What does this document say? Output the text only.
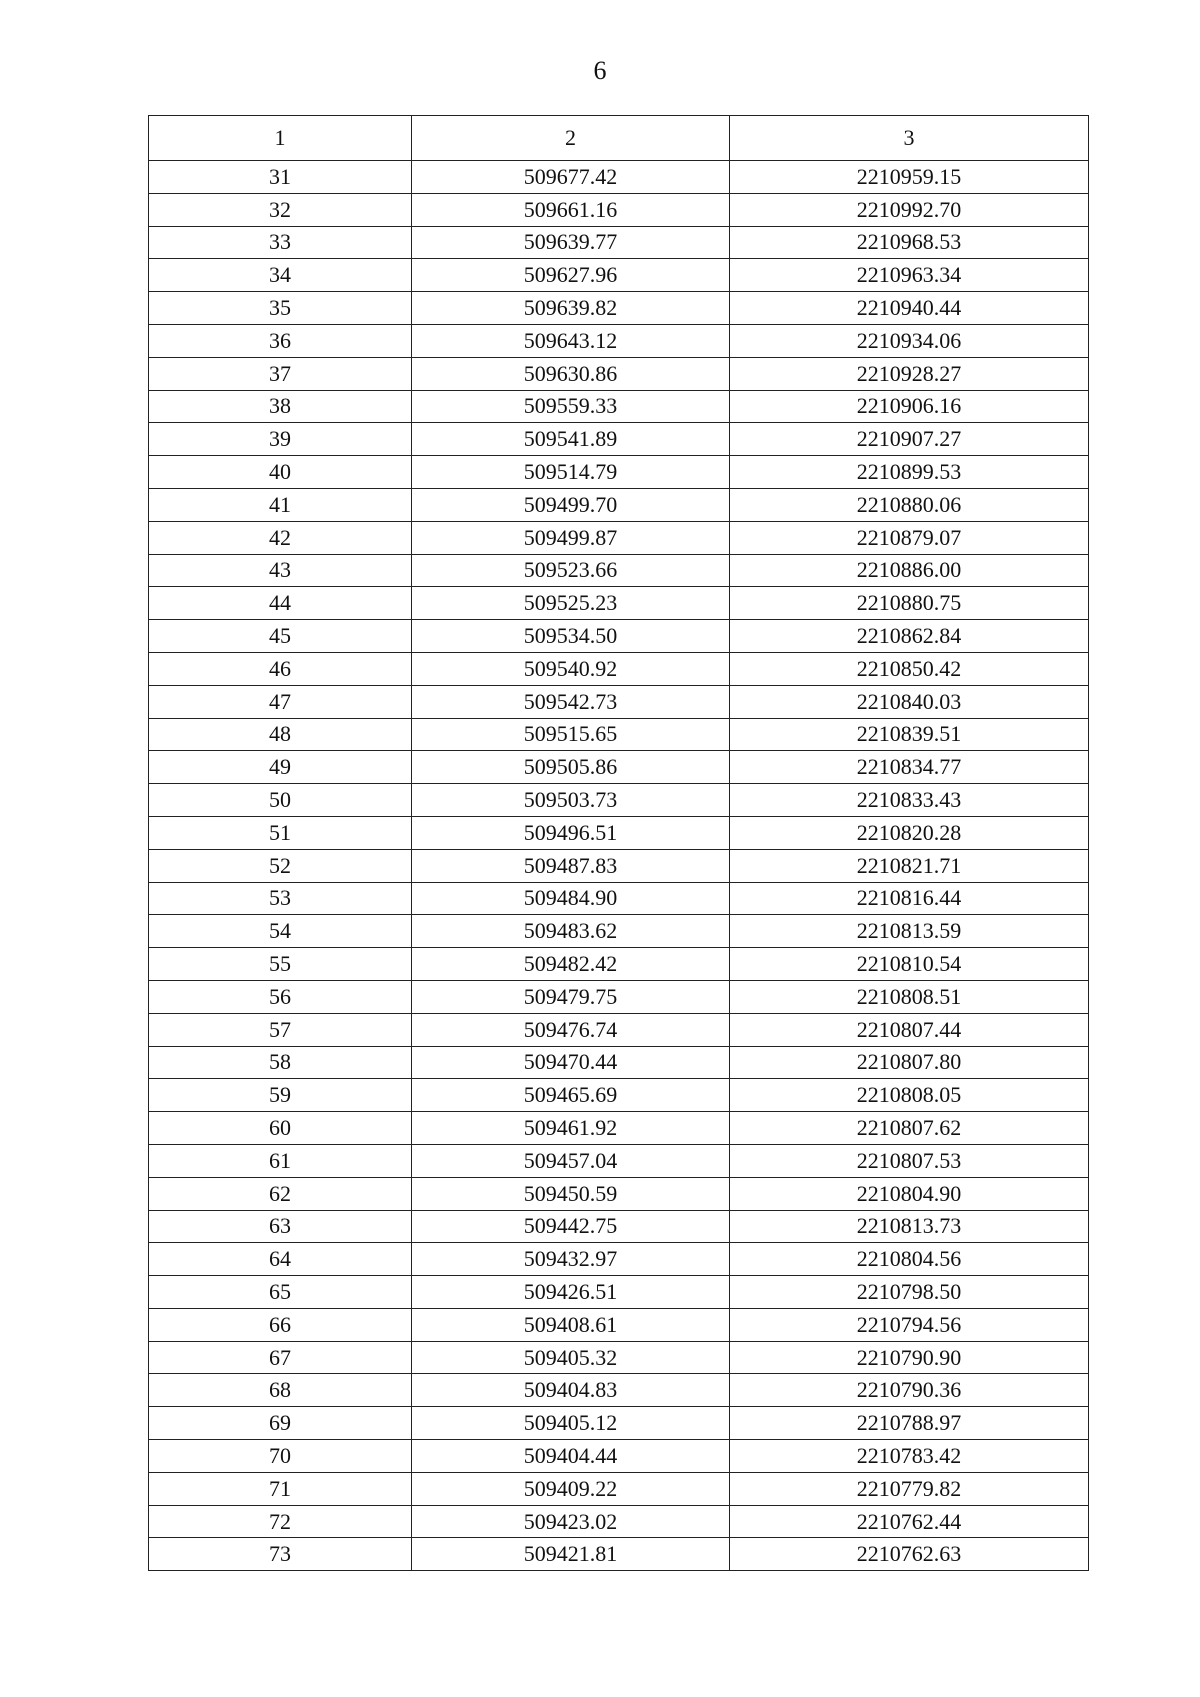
6
1	2	3
31	509677.42	2210959.15
32	509661.16	2210992.70
33	509639.77	2210968.53
34	509627.96	2210963.34
35	509639.82	2210940.44
36	509643.12	2210934.06
37	509630.86	2210928.27
38	509559.33	2210906.16
39	509541.89	2210907.27
40	509514.79	2210899.53
41	509499.70	2210880.06
42	509499.87	2210879.07
43	509523.66	2210886.00
44	509525.23	2210880.75
45	509534.50	2210862.84
46	509540.92	2210850.42
47	509542.73	2210840.03
48	509515.65	2210839.51
49	509505.86	2210834.77
50	509503.73	2210833.43
51	509496.51	2210820.28
52	509487.83	2210821.71
53	509484.90	2210816.44
54	509483.62	2210813.59
55	509482.42	2210810.54
56	509479.75	2210808.51
57	509476.74	2210807.44
58	509470.44	2210807.80
59	509465.69	2210808.05
60	509461.92	2210807.62
61	509457.04	2210807.53
62	509450.59	2210804.90
63	509442.75	2210813.73
64	509432.97	2210804.56
65	509426.51	2210798.50
66	509408.61	2210794.56
67	509405.32	2210790.90
68	509404.83	2210790.36
69	509405.12	2210788.97
70	509404.44	2210783.42
71	509409.22	2210779.82
72	509423.02	2210762.44
73	509421.81	2210762.63
